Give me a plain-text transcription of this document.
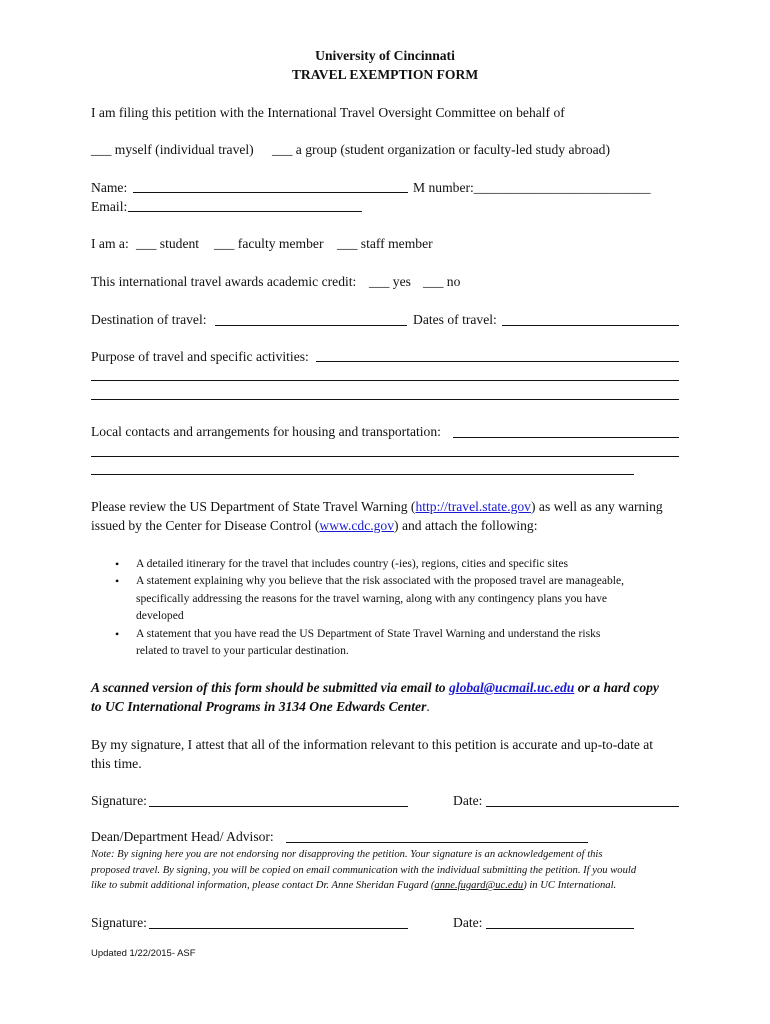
University of Cincinnati
TRAVEL EXEMPTION FORM
I am filing this petition with the International Travel Oversight Committee on behalf of
___ myself (individual travel) ___ a group (student organization or faculty-led study abroad)
Name:	M number:__________________________
Email:
I am a: ___ student ___ faculty member ___ staff member
This international travel awards academic credit: ___ yes ___ no
Destination of travel:	Dates of travel:
Purpose of travel and specific activities:
Local contacts and arrangements for housing and transportation:
Please review the US Department of State Travel Warning (http://travel.state.gov) as well as any warning
issued by the Center for Disease Control (www.cdc.gov) and attach the following:
• A detailed itinerary for the travel that includes country (-ies), regions, cities and specific sites
• A statement explaining why you believe that the risk associated with the proposed travel are manageable,
specifically addressing the reasons for the travel warning, along with any contingency plans you have
developed
• A statement that you have read the US Department of State Travel Warning and understand the risks
related to travel to your particular destination.
A scanned version of this form should be submitted via email to global@ucmail.uc.edu or a hard copy
to UC International Programs in 3134 One Edwards Center.
By my signature, I attest that all of the information relevant to this petition is accurate and up-to-date at
this time.
Signature:	Date:
Dean/Department Head/ Advisor:
Note: By signing here you are not endorsing nor disapproving the petition. Your signature is an acknowledgement of this
proposed travel. By signing, you will be copied on email communication with the individual submitting the petition. If you would
like to submit additional information, please contact Dr. Anne Sheridan Fugard (anne.fugard@uc.edu) in UC International.
Signature:	Date:
Updated 1/22/2015- ASF
